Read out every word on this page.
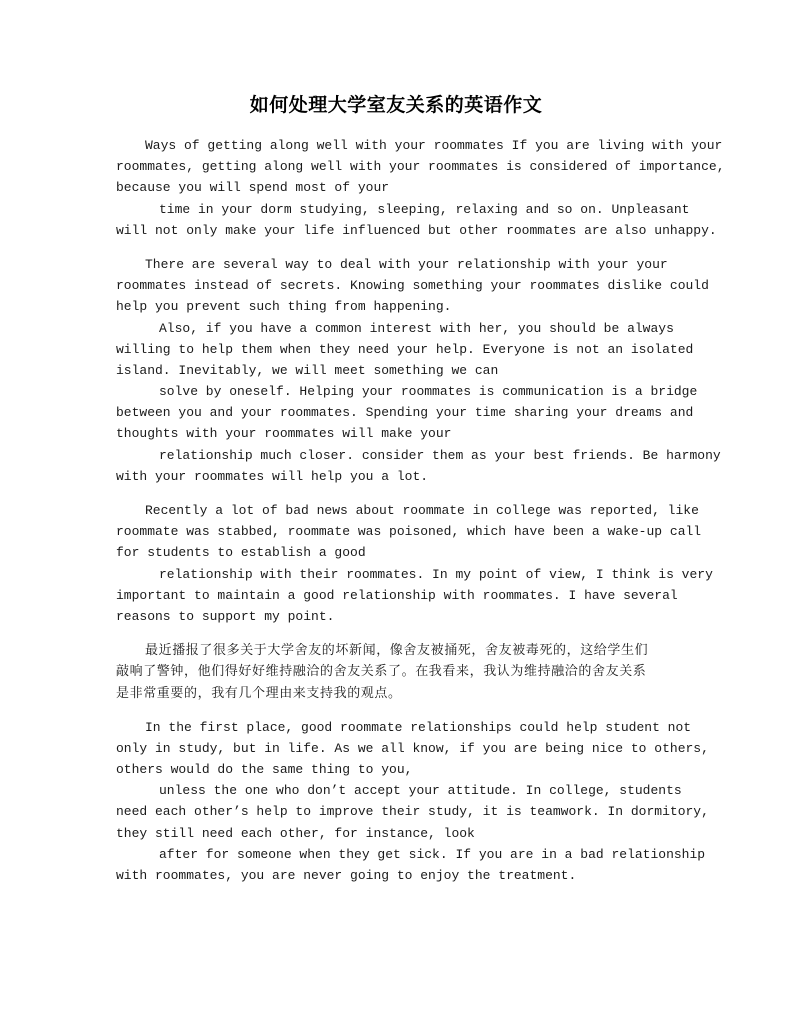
如何处理大学室友关系的英语作文
Ways of getting along well with your roommates If you are living with your
roommates, getting along well with your roommates is considered of importance,
because you will spend most of your
time in your dorm studying, sleeping, relaxing and so on. Unpleasant
will not only make your life influenced but other roommates are also unhappy.
There are several way to deal with your relationship with your your
roommates instead of secrets. Knowing something your roommates dislike could
help you prevent such thing from happening.
Also, if you have a common interest with her, you should be always
willing to help them when they need your help. Everyone is not an isolated
island. Inevitably, we will meet something we can
solve by oneself. Helping your roommates is communication is a bridge
between you and your roommates. Spending your time sharing your dreams and
thoughts with your roommates will make your
relationship much closer. consider them as your best friends. Be harmony
with your roommates will help you a lot.
Recently a lot of bad news about roommate in college was reported, like
roommate was stabbed, roommate was poisoned, which have been a wake-up call
for students to establish a good
relationship with their roommates. In my point of view, I think is very
important to maintain a good relationship with roommates. I have several
reasons to support my point.
最近播报了很多关于大学舍友的坏新闻，像舍友被捅死，舍友被毒死的，这给学生们
敲响了警钟，他们得好好维持融洽的舍友关系了。在我看来，我认为维持融洽的舍友关系
是非常重要的，我有几个理由来支持我的观点。
In the first place, good roommate relationships could help student not
only in study, but in life. As we all know, if you are being nice to others,
others would do the same thing to you,
unless the one who don’t accept your attitude. In college, students
need each other’s help to improve their study, it is teamwork. In dormitory,
they still need each other, for instance, look
after for someone when they get sick. If you are in a bad relationship
with roommates, you are never going to enjoy the treatment.
